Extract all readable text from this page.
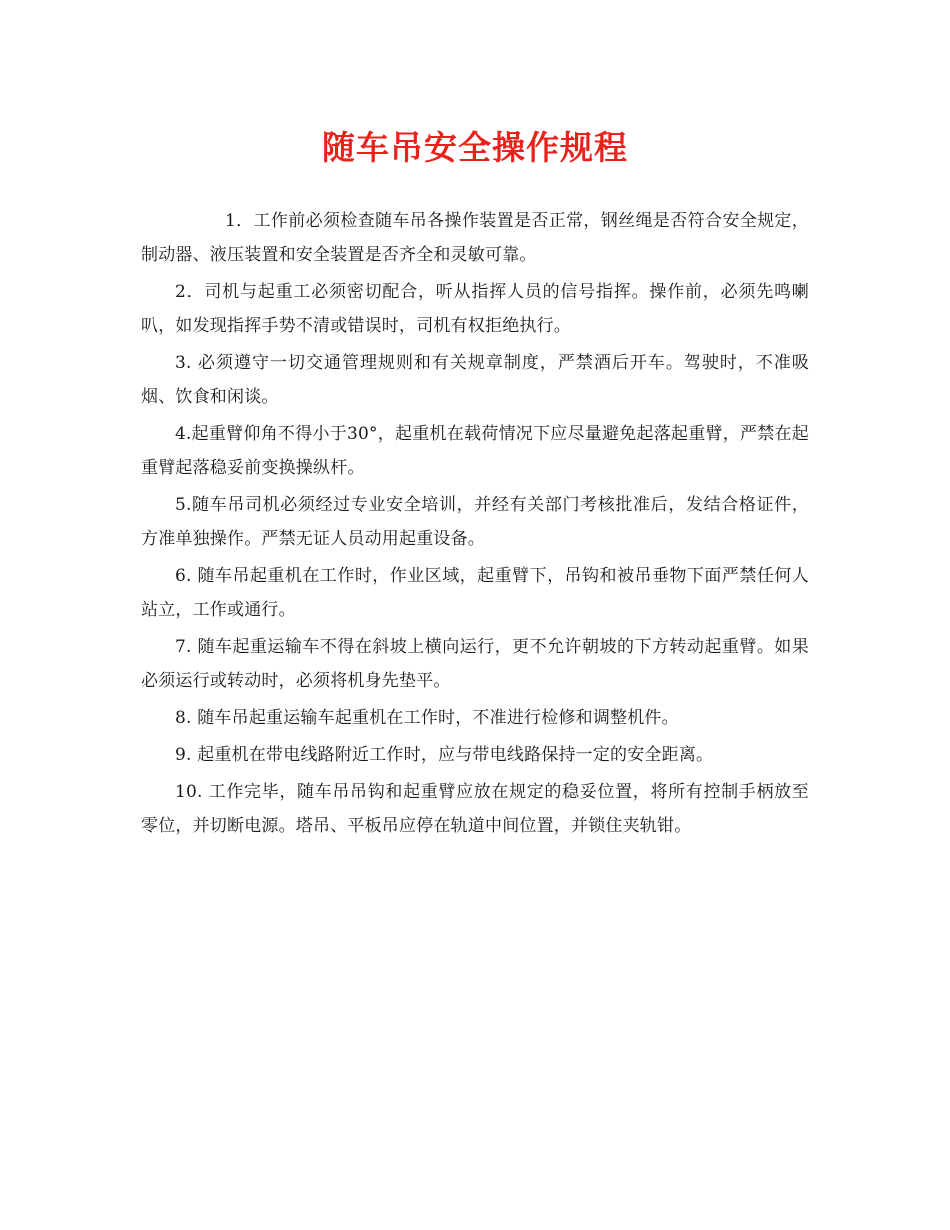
随车吊安全操作规程

1．工作前必须检查随车吊各操作装置是否正常，钢丝绳是否符合安全规定，制动器、液压装置和安全装置是否齐全和灵敏可靠。

2．司机与起重工必须密切配合，听从指挥人员的信号指挥。操作前，必须先鸣喇叭，如发现指挥手势不清或错误时，司机有权拒绝执行。

3. 必须遵守一切交通管理规则和有关规章制度，严禁酒后开车。驾驶时，不准吸烟、饮食和闲谈。

4.起重臂仰角不得小于30°，起重机在载荷情况下应尽量避免起落起重臂，严禁在起重臂起落稳妥前变换操纵杆。

5.随车吊司机必须经过专业安全培训，并经有关部门考核批准后，发结合格证件，方准单独操作。严禁无证人员动用起重设备。

6. 随车吊起重机在工作时，作业区域，起重臂下，吊钩和被吊垂物下面严禁任何人站立，工作或通行。

7. 随车起重运输车不得在斜坡上横向运行，更不允许朝坡的下方转动起重臂。如果必须运行或转动时，必须将机身先垫平。

8. 随车吊起重运输车起重机在工作时，不准进行检修和调整机件。

9. 起重机在带电线路附近工作时，应与带电线路保持一定的安全距离。

10. 工作完毕，随车吊吊钩和起重臂应放在规定的稳妥位置，将所有控制手柄放至零位，并切断电源。塔吊、平板吊应停在轨道中间位置，并锁住夹轨钳。
